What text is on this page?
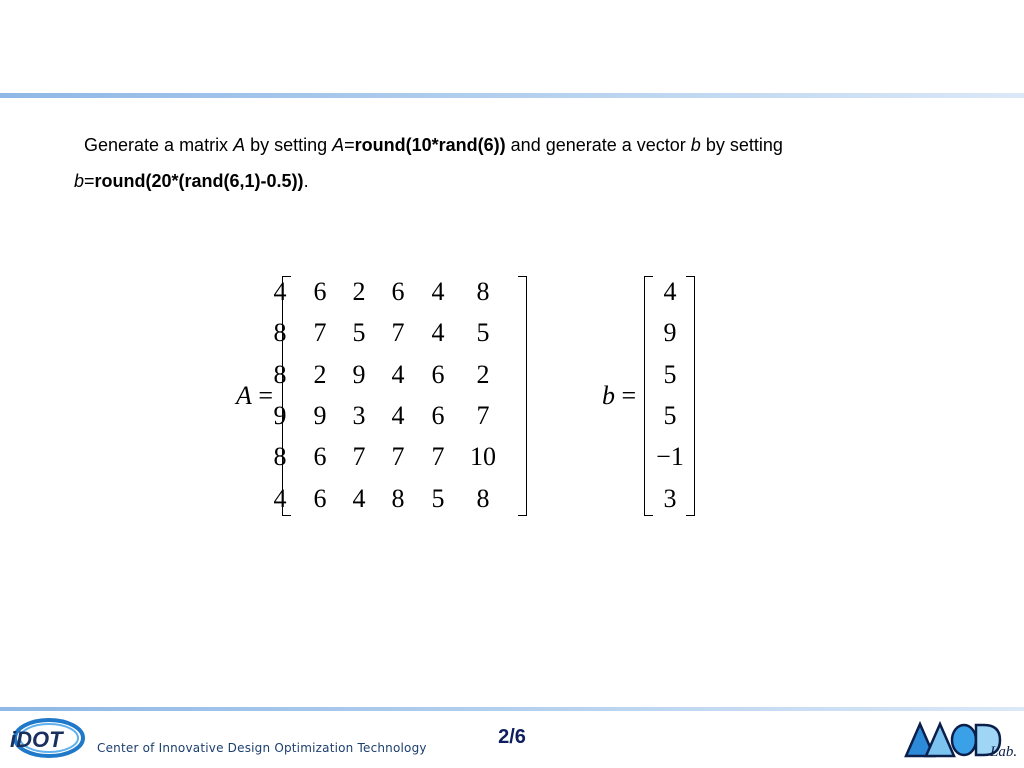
Generate a matrix A by setting A=round(10*rand(6)) and generate a vector b by setting
b=round(20*(rand(6,1)-0.5)).
A =
4	6	2	6	4	8
8	7	5	7	4	5
8	2	9	4	6	2
9	9	3	4	6	7
8	6	7	7	7 10
4	6	4	8	5	8
b =
4
9
5
5
−1
3
iDOT	Center of Innovative Design Optimization Technology	2/6
Lab.
